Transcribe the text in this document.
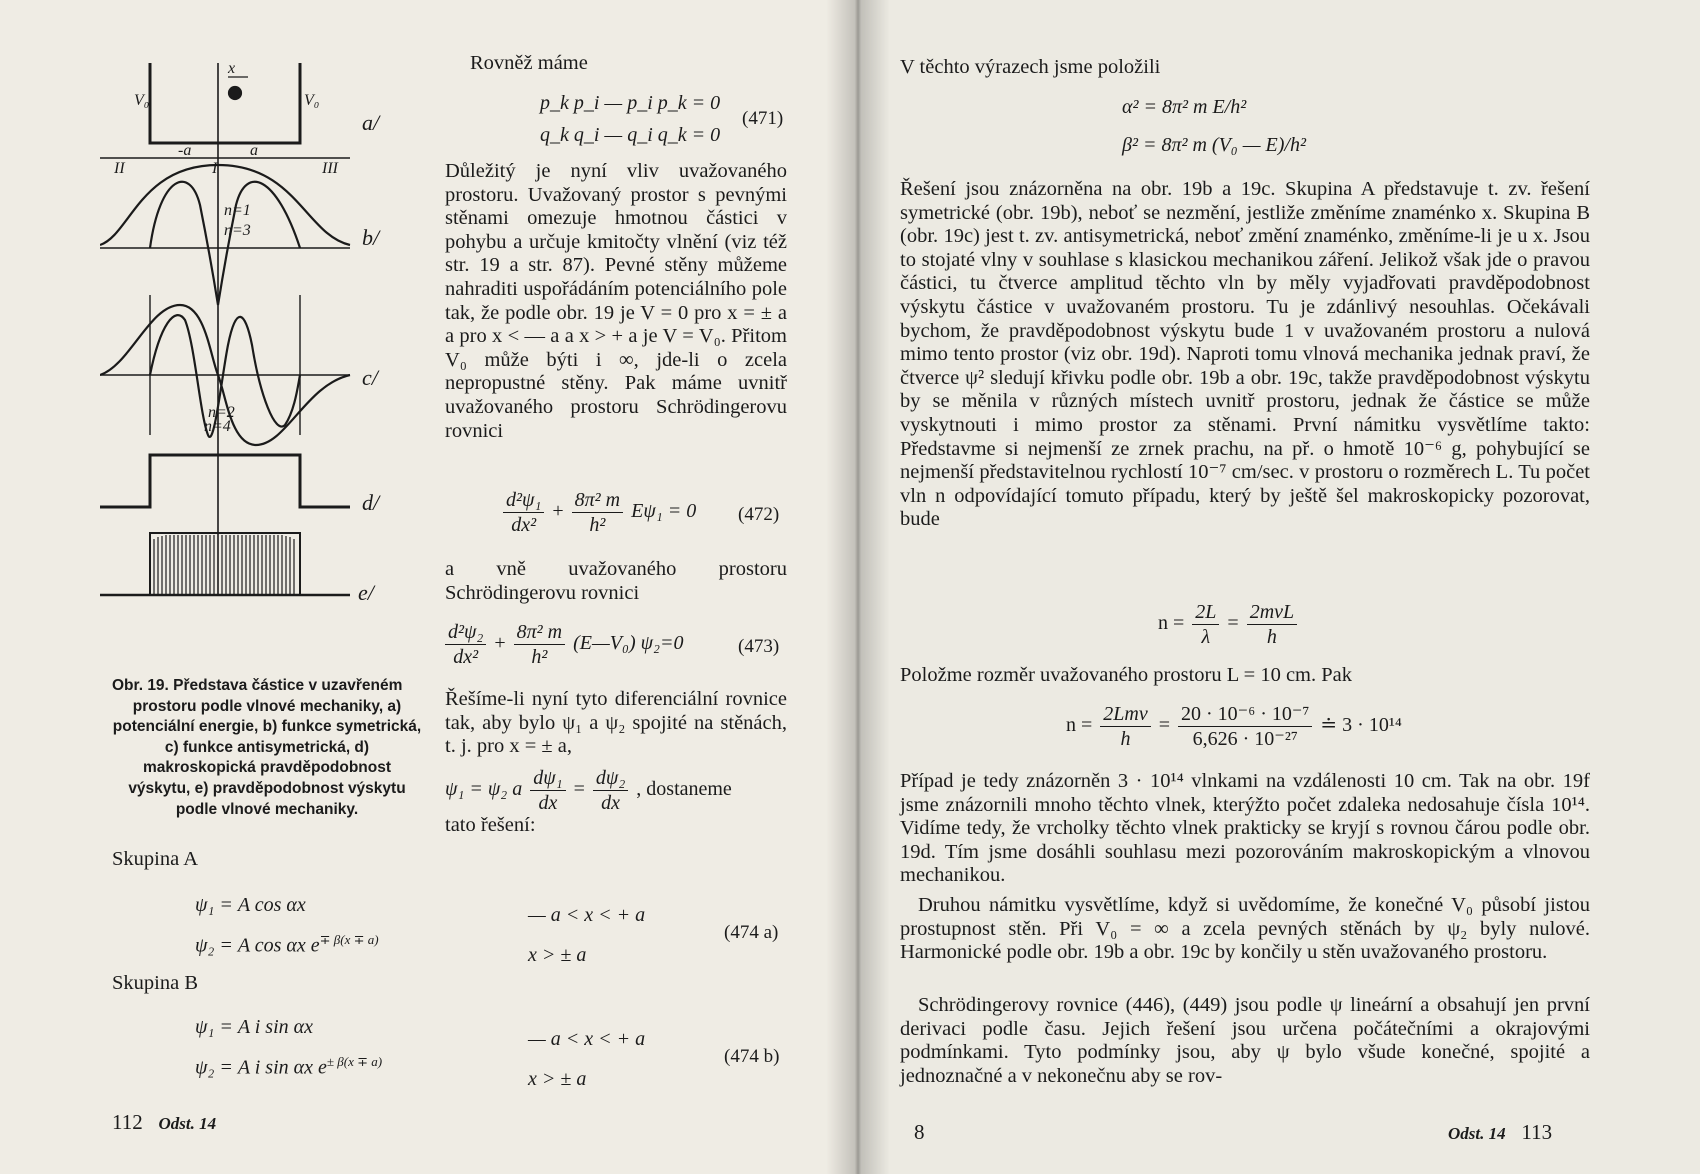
x
V₀	V₀
-a	a
II	I	III
n=1
n=3
n=2
n=4
a/
b/
c/
d/
e/
Rovněž máme
p_k p_i — p_i p_k = 0
q_k q_i — q_i q_k = 0
(471)
Důležitý je nyní vliv uvažovaného prostoru. Uvažovaný prostor s pevnými stěnami omezuje hmotnou částici v pohybu a určuje kmitočty vlnění (viz též str. 19 a str. 87). Pevné stěny můžeme nahraditi uspořádáním potenciálního pole tak, že podle obr. 19 je V = 0 pro x = ± a a pro x < — a a x > + a je V = V₀. Přitom V₀ může býti i ∞, jde-li o zcela nepropustné stěny. Pak máme uvnitř uvažovaného prostoru Schrödingerovu rovnici
$\frac{\text{d²ψ₁}}{\text{dx²}} + \frac{\text{8π² m}}{\text{h²}} E\psi_1 = 0$ (472)
a vně uvažovaného prostoru Schrödingerovu rovnici
$\frac{\text{d²ψ₂}}{\text{dx²}} + \frac{\text{8π² m}}{\text{h²}}$ (E—V₀) ψ₂=0	(473)
Řešíme-li nyní tyto diferenciální rovnice tak, aby bylo ψ₁ a ψ₂ spojité na stěnách, t. j. pro x = ± a,
ψ₁ = ψ₂ a $\frac{\text{dψ₁}}{dx} = \frac{\text{dψ₂}}{dx}$ , dostaneme
tato řešení:
Obr. 19. Představa částice v uzavřeném
prostoru podle vlnové mechaniky, a) potenciální energie, b) funkce symetrická, c) funkce antisymetrická, d) makroskopická pravděpodobnost výskytu, e) pravděpodobnost výskytu podle vlnové mechaniky.
Skupina A
ψ₁ = A cos αx
ψ₂ = A cos αx $e^{\mp \beta(x \mp a)}$
— a < x < + a
x > ± a
(474 a)
Skupina B
ψ₁ = A i sin αx
ψ₂ = A i sin αx $e^{\pm \beta(x \mp a)}$
— a < x < + a
x > ± a
(474 b)
112 Odst. 14
V těchto výrazech jsme položili
α² = 8π² m E/h²
β² = 8π² m (V₀ — E)/h²
Řešení jsou znázorněna na obr. 19b a 19c. Skupina A představuje t. zv. řešení symetrické (obr. 19b), neboť se nezmění, jestliže změníme znaménko x. Skupina B (obr. 19c) jest t. zv. antisymetrická, neboť změní znaménko, změníme-li je u x. Jsou to stojaté vlny v souhlase s klasickou mechanikou záření. Jelikož však jde o pravou částici, tu čtverce amplitud těchto vln by měly vyjadřovati pravděpodobnost výskytu částice v uvažovaném prostoru. Tu je zdánlivý nesouhlas. Očekávali bychom, že pravděpodobnost výskytu bude 1 v uvažovaném prostoru a nulová mimo tento prostor (viz obr. 19d). Naproti tomu vlnová mechanika jednak praví, že čtverce ψ² sledují křivku podle obr. 19b a obr. 19c, takže pravděpodobnost výskytu by se měnila v různých místech uvnitř prostoru, jednak že částice se může vyskytnouti i mimo prostor za stěnami. První námitku vysvětlíme takto: Představme si nejmenší ze zrnek prachu, na př. o hmotě 10⁻⁶ g, pohybující se nejmenší představitelnou rychlostí 10⁻⁷ cm/sec. v prostoru o rozměrech L. Tu počet vln n odpovídající tomuto případu, který by ještě šel makroskopicky pozorovat, bude
$n = \frac{2L}{\lambda} = \frac{\text{2mvL}}{h}$
Položme rozměr uvažovaného prostoru L = 10 cm. Pak
$n = \frac{\text{2Lmv}}{h} = \frac{\text{20 · 10⁻⁶ · 10⁻⁷}}{\text{6,626 · 10⁻²⁷}}$ ≐ 3 · 10¹⁴
Případ je tedy znázorněn 3 · 10¹⁴ vlnkami na vzdálenosti 10 cm. Tak na obr. 19f jsme znázornili mnoho těchto vlnek, kterýžto počet zdaleka nedosahuje čísla 10¹⁴. Vidíme tedy, že vrcholky těchto vlnek prakticky se kryjí s rovnou čárou podle obr. 19d. Tím jsme dosáhli souhlasu mezi pozorováním makroskopickým a vlnovou mechanikou.
Druhou námitku vysvětlíme, když si uvědomíme, že konečné V₀ působí jistou prostupnost stěn. Při V₀ = ∞ a zcela pevných stěnách by ψ₂ byly nulové. Harmonické podle obr. 19b a obr. 19c by končily u stěn uvažovaného prostoru.
Schrödingerovy rovnice (446), (449) jsou podle ψ lineární a obsahují jen první derivaci podle času. Jejich řešení jsou určena počátečními a okrajovými podmínkami. Tyto podmínky jsou, aby ψ bylo všude konečné, spojité a jednoznačné a v nekonečnu aby se rov-
8	Odst. 14 113
